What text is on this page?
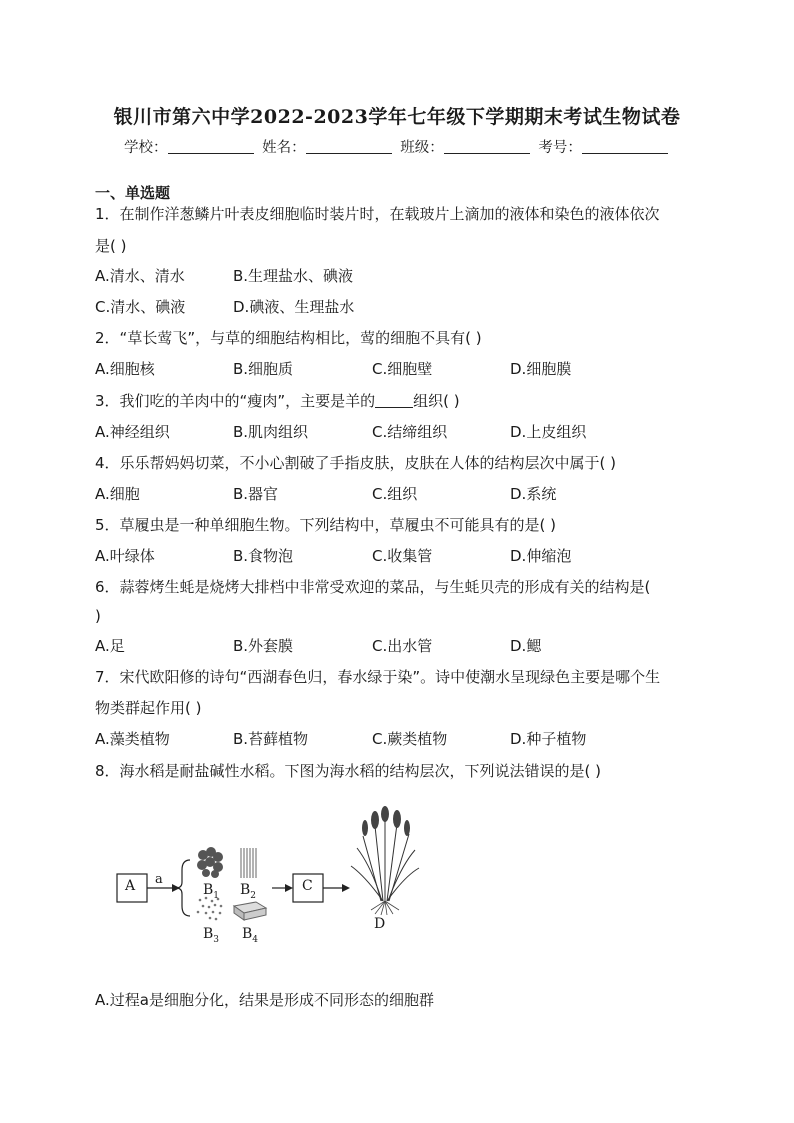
银川市第六中学2022-2023学年七年级下学期期末考试生物试卷
学校：	姓名：	班级：	考号：
一、单选题
1．在制作洋葱鳞片叶表皮细胞临时装片时，在载玻片上滴加的液体和染色的液体依次
是( )
A.清水、清水	B.生理盐水、碘液
C.清水、碘液	D.碘液、生理盐水
2．“草长莺飞”，与草的细胞结构相比，莺的细胞不具有( )
A.细胞核	B.细胞质	C.细胞壁	D.细胞膜
3．我们吃的羊肉中的“瘦肉”，主要是羊的	组织( )
A.神经组织	B.肌肉组织	C.结缔组织	D.上皮组织
4．乐乐帮妈妈切菜，不小心割破了手指皮肤，皮肤在人体的结构层次中属于( )
A.细胞	B.器官	C.组织	D.系统
5．草履虫是一种单细胞生物。下列结构中，草履虫不可能具有的是( )
A.叶绿体	B.食物泡	C.收集管	D.伸缩泡
6．蒜蓉烤生蚝是烧烤大排档中非常受欢迎的菜品，与生蚝贝壳的形成有关的结构是(
)
A.足	B.外套膜	C.出水管	D.鳃
7．宋代欧阳修的诗句“西湖春色归，春水绿于染”。诗中使潮水呈现绿色主要是哪个生
物类群起作用( )
A.藻类植物	B.苔藓植物	C.蕨类植物	D.种子植物
8．海水稻是耐盐碱性水稻。下图为海水稻的结构层次，下列说法错误的是( )
A a
$B_1$ $B_2$
$B_3$ $B_4$
C
D
A.过程a是细胞分化，结果是形成不同形态的细胞群
